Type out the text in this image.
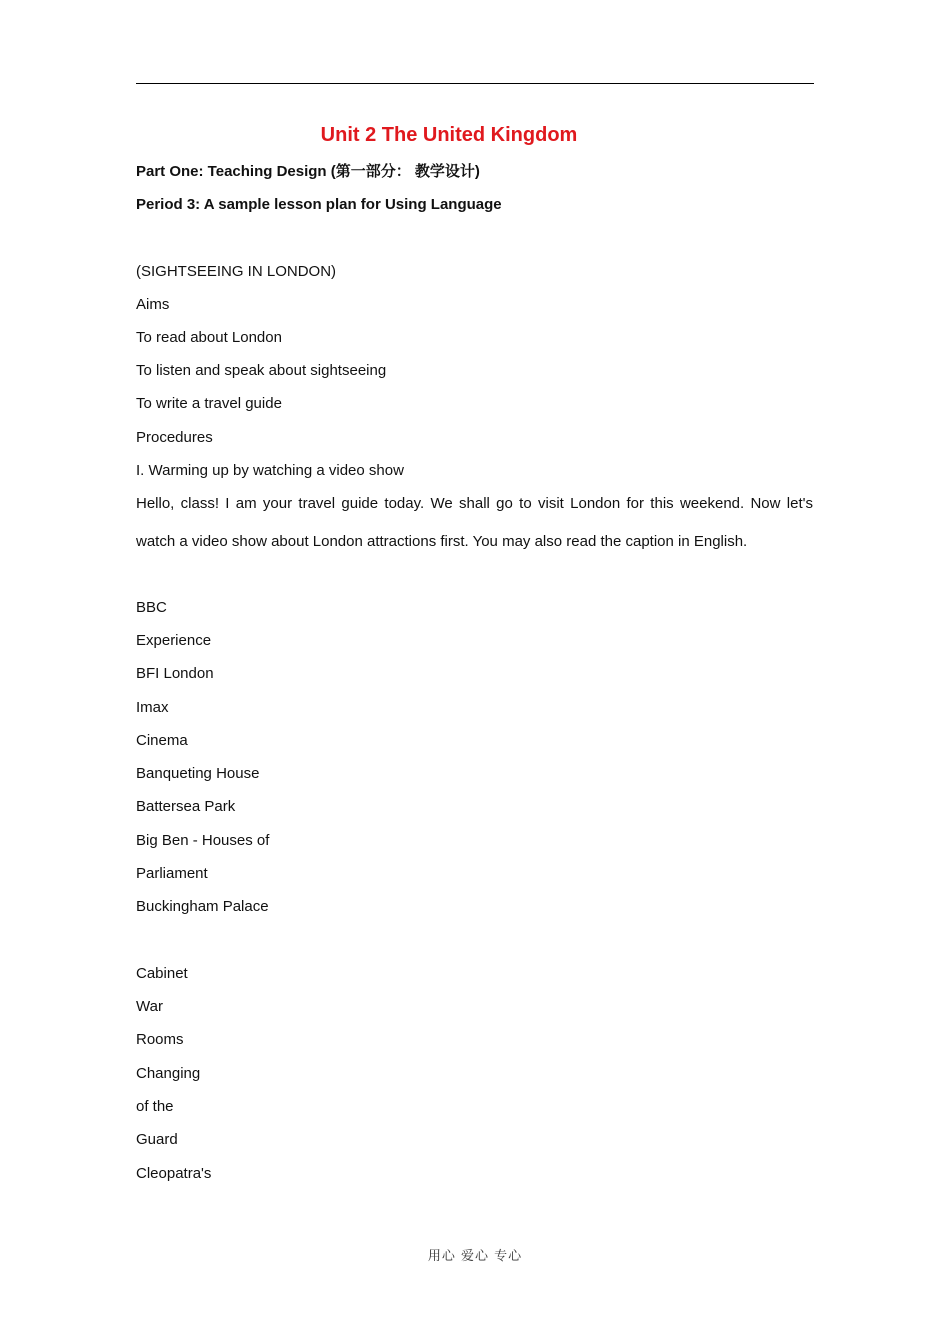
Unit 2 The United Kingdom
Part One: Teaching Design (第一部分： 教学设计)
Period 3: A sample lesson plan for Using Language
(SIGHTSEEING IN LONDON)
Aims
To read about London
To listen and speak about sightseeing
To write a travel guide
Procedures
I. Warming up by watching a video show
Hello, class! I am your travel guide today. We shall go to visit London for this weekend. Now let's
watch a video show about London attractions first. You may also read the caption in English.
BBC
Experience
BFI London
Imax
Cinema
Banqueting House
Battersea Park
Big Ben - Houses of
Parliament
Buckingham Palace
Cabinet
War
Rooms
Changing
of the
Guard
Cleopatra's
用心 爱心 专心
